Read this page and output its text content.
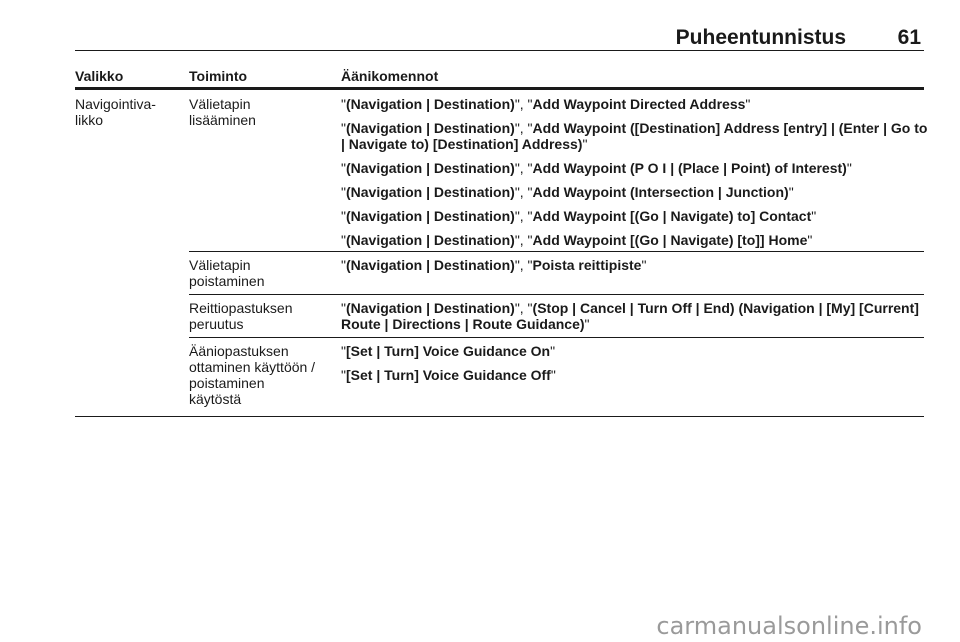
Puheentunnistus 61
Valikko	Toiminto	Äänikomennot
Navigointiva-
likko
Välietapin
lisääminen
"(Navigation | Destination)", "Add Waypoint Directed Address"
"(Navigation | Destination)", "Add Waypoint ([Destination] Address [entry] | (Enter | Go to | Navigate to) [Destination] Address)"
"(Navigation | Destination)", "Add Waypoint (P O I | (Place | Point) of Interest)"
"(Navigation | Destination)", "Add Waypoint (Intersection | Junction)"
"(Navigation | Destination)", "Add Waypoint [(Go | Navigate) to] Contact"
"(Navigation | Destination)", "Add Waypoint [(Go | Navigate) [to]] Home"
Välietapin
poistaminen
"(Navigation | Destination)", "Poista reittipiste"
Reittiopastuksen
peruutus
"(Navigation | Destination)", "(Stop | Cancel | Turn Off | End) (Navigation | [My] [Current] Route | Directions | Route Guidance)"
Ääniopastuksen
ottaminen käyttöön /
poistaminen
käytöstä
"[Set | Turn] Voice Guidance On"
"[Set | Turn] Voice Guidance Off"
carmanualsonline.info
